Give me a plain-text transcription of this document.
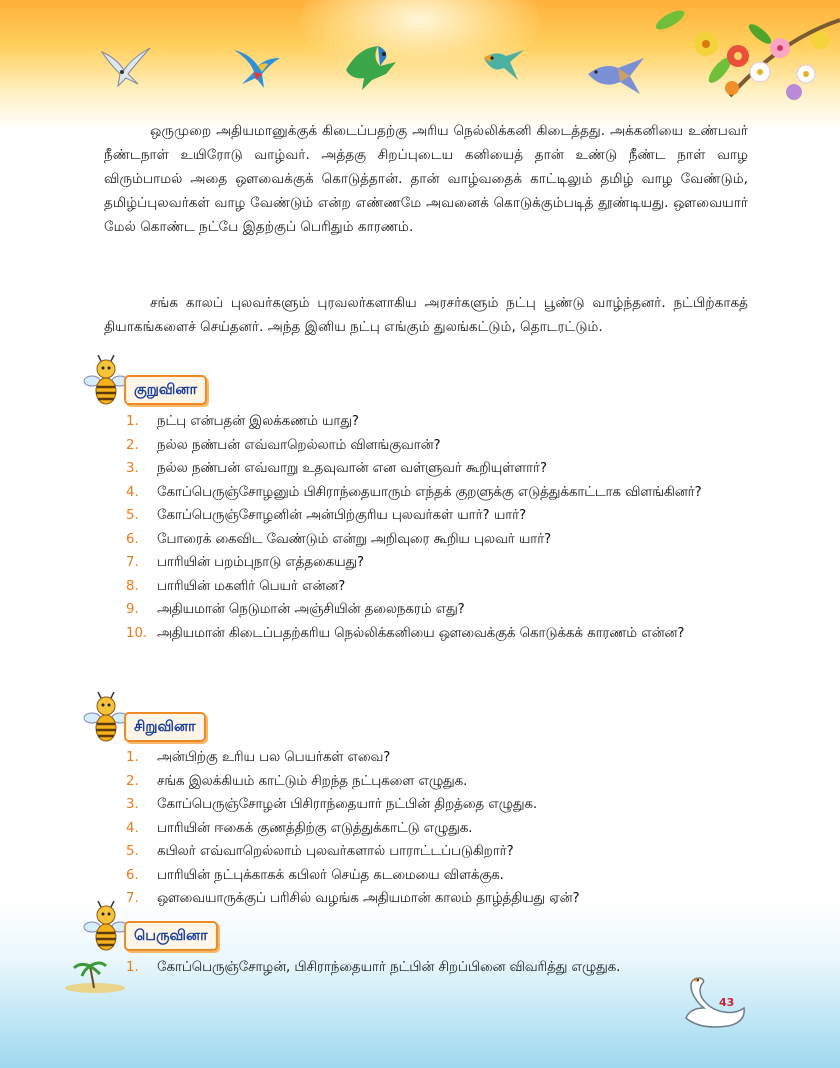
ஒருமுறை அதியமானுக்குக் கிடைப்பதற்கு அரிய நெல்லிக்கனி கிடைத்தது. அக்கனியை உண்பவர் நீண்டநாள் உயிரோடு வாழ்வர். அத்தகு சிறப்புடைய கனியைத் தான் உண்டு நீண்ட நாள் வாழ விரும்பாமல் அதை ஔவைக்குக் கொடுத்தான். தான் வாழ்வதைக் காட்டிலும் தமிழ் வாழ வேண்டும், தமிழ்ப்புலவர்கள் வாழ வேண்டும் என்ற எண்ணமே அவனைக் கொடுக்கும்படித் தூண்டியது. ஔவையார் மேல் கொண்ட நட்பே இதற்குப் பெரிதும் காரணம்.

சங்க காலப் புலவர்களும் புரவலர்களாகிய அரசர்களும் நட்பு பூண்டு வாழ்ந்தனர். நட்பிற்காகத் தியாகங்களைச் செய்தனர். அந்த இனிய நட்பு எங்கும் துலங்கட்டும், தொடரட்டும்.

குறுவினா
1. நட்பு என்பதன் இலக்கணம் யாது?
2. நல்ல நண்பன் எவ்வாறெல்லாம் விளங்குவான்?
3. நல்ல நண்பன் எவ்வாறு உதவுவான் என வள்ளுவர் கூறியுள்ளார்?
4. கோப்பெருஞ்சோழனும் பிசிராந்தையாரும் எந்தக் குறளுக்கு எடுத்துக்காட்டாக விளங்கினர்?
5. கோப்பெருஞ்சோழனின் அன்பிற்குரிய புலவர்கள் யார்? யார்?
6. போரைக் கைவிட வேண்டும் என்று அறிவுரை கூறிய புலவர் யார்?
7. பாரியின் பறம்புநாடு எத்தகையது?
8. பாரியின் மகளிர் பெயர் என்ன?
9. அதியமான் நெடுமான் அஞ்சியின் தலைநகரம் எது?
10. அதியமான் கிடைப்பதற்கரிய நெல்லிக்கனியை ஔவைக்குக் கொடுக்கக் காரணம் என்ன?
சிறுவினா
1. அன்பிற்கு உரிய பல பெயர்கள் எவை?
2. சங்க இலக்கியம் காட்டும் சிறந்த நட்புகளை எழுதுக.
3. கோப்பெருஞ்சோழன் பிசிராந்தையார் நட்பின் திறத்தை எழுதுக.
4. பாரியின் ஈகைக் குணத்திற்கு எடுத்துக்காட்டு எழுதுக.
5. கபிலர் எவ்வாறெல்லாம் புலவர்களால் பாராட்டப்படுகிறார்?
6. பாரியின் நட்புக்காகக் கபிலர் செய்த கடமையை விளக்குக.
7. ஔவையாருக்குப் பரிசில் வழங்க அதியமான் காலம் தாழ்த்தியது ஏன்?
பெருவினா
1. கோப்பெருஞ்சோழன், பிசிராந்தையார் நட்பின் சிறப்பினை விவரித்து எழுதுக.
43
